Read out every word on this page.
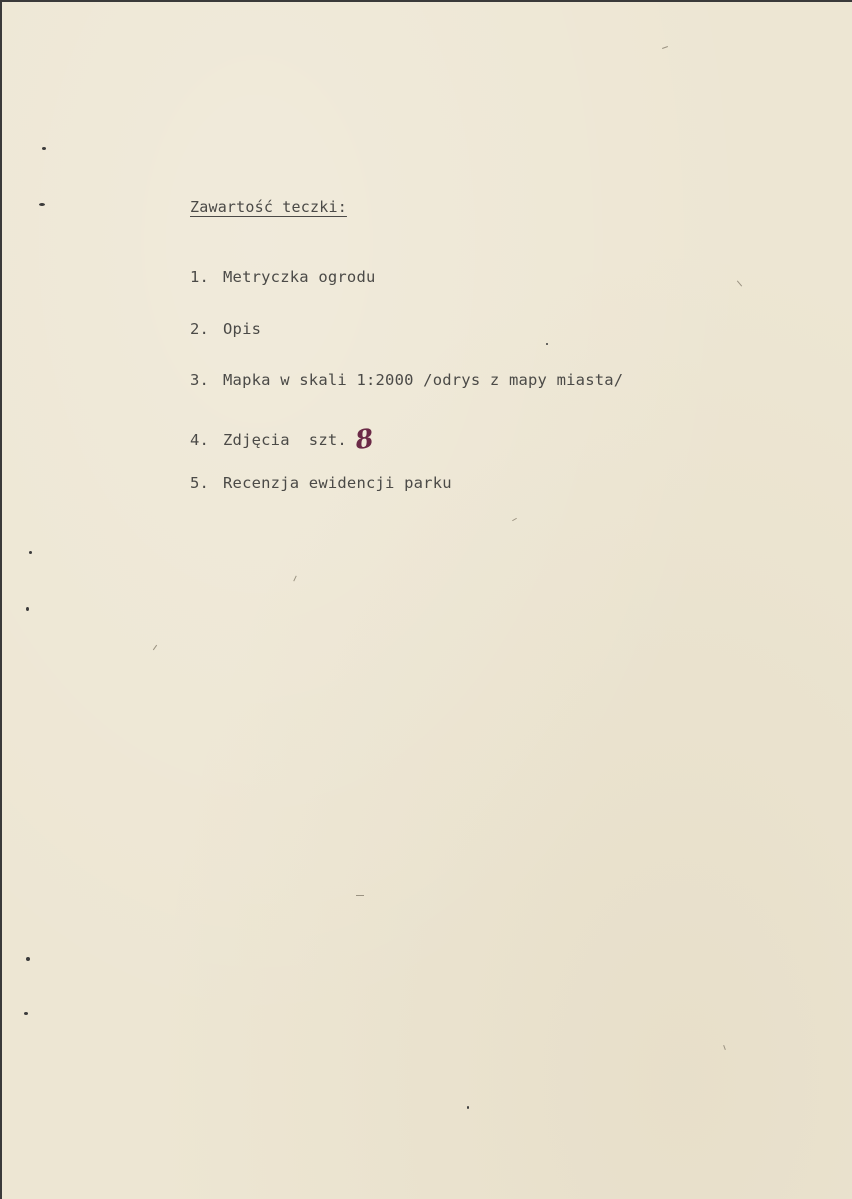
Zawartość teczki:
1. Metryczka ogrodu
2. Opis
3. Mapka w skali 1:2000 /odrys z mapy miasta/
4. Zdjęcia  szt. 8
5. Recenzja ewidencji parku
